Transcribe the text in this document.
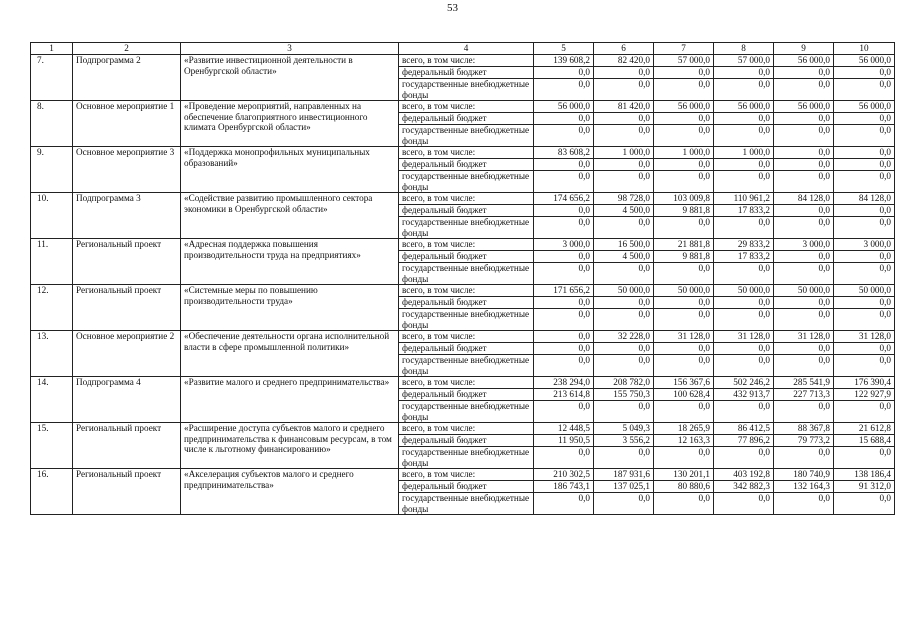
53
1	2	3	4	5	6	7	8	9	10
7.	Подпрограмма 2	«Развитие инвестиционной деятельности в Оренбургской области»	всего, в том числе:	139 608,2	82 420,0	57 000,0	57 000,0	56 000,0	56 000,0
			федеральный бюджет	0,0	0,0	0,0	0,0	0,0	0,0
			государственные внебюджетные фонды	0,0	0,0	0,0	0,0	0,0	0,0
8.	Основное мероприятие 1	«Проведение мероприятий, направленных на обеспечение благоприятного инвестиционного климата Оренбургской области»	всего, в том числе:	56 000,0	81 420,0	56 000,0	56 000,0	56 000,0	56 000,0
			федеральный бюджет	0,0	0,0	0,0	0,0	0,0	0,0
			государственные внебюджетные фонды	0,0	0,0	0,0	0,0	0,0	0,0
9.	Основное мероприятие 3	«Поддержка монопрофильных муниципальных образований»	всего, в том числе:	83 608,2	1 000,0	1 000,0	1 000,0	0,0	0,0
			федеральный бюджет	0,0	0,0	0,0	0,0	0,0	0,0
			государственные внебюджетные фонды	0,0	0,0	0,0	0,0	0,0	0,0
10.	Подпрограмма 3	«Содействие развитию промышленного сектора экономики в Оренбургской области»	всего, в том числе:	174 656,2	98 728,0	103 009,8	110 961,2	84 128,0	84 128,0
			федеральный бюджет	0,0	4 500,0	9 881,8	17 833,2	0,0	0,0
			государственные внебюджетные фонды	0,0	0,0	0,0	0,0	0,0	0,0
11.	Региональный проект	«Адресная поддержка повышения производительности труда на предприятиях»	всего, в том числе:	3 000,0	16 500,0	21 881,8	29 833,2	3 000,0	3 000,0
			федеральный бюджет	0,0	4 500,0	9 881,8	17 833,2	0,0	0,0
			государственные внебюджетные фонды	0,0	0,0	0,0	0,0	0,0	0,0
12.	Региональный проект	«Системные меры по повышению производительности труда»	всего, в том числе:	171 656,2	50 000,0	50 000,0	50 000,0	50 000,0	50 000,0
			федеральный бюджет	0,0	0,0	0,0	0,0	0,0	0,0
			государственные внебюджетные фонды	0,0	0,0	0,0	0,0	0,0	0,0
13.	Основное мероприятие 2	«Обеспечение деятельности органа исполнительной власти в сфере промышленной политики»	всего, в том числе:	0,0	32 228,0	31 128,0	31 128,0	31 128,0	31 128,0
			федеральный бюджет	0,0	0,0	0,0	0,0	0,0	0,0
			государственные внебюджетные фонды	0,0	0,0	0,0	0,0	0,0	0,0
14.	Подпрограмма 4	«Развитие малого и среднего предпринимательства»	всего, в том числе:	238 294,0	208 782,0	156 367,6	502 246,2	285 541,9	176 390,4
			федеральный бюджет	213 614,8	155 750,3	100 628,4	432 913,7	227 713,3	122 927,9
			государственные внебюджетные фонды	0,0	0,0	0,0	0,0	0,0	0,0
15.	Региональный проект	«Расширение доступа субъектов малого и среднего предпринимательства к финансовым ресурсам, в том числе к льготному финансированию»	всего, в том числе:	12 448,5	5 049,3	18 265,9	86 412,5	88 367,8	21 612,8
			федеральный бюджет	11 950,5	3 556,2	12 163,3	77 896,2	79 773,2	15 688,4
			государственные внебюджетные фонды	0,0	0,0	0,0	0,0	0,0	0,0
16.	Региональный проект	«Акселерация субъектов малого и среднего предпринимательства»	всего, в том числе:	210 302,5	187 931,6	130 201,1	403 192,8	180 740,9	138 186,4
			федеральный бюджет	186 743,1	137 025,1	80 880,6	342 882,3	132 164,3	91 312,0
			государственные внебюджетные фонды	0,0	0,0	0,0	0,0	0,0	0,0
